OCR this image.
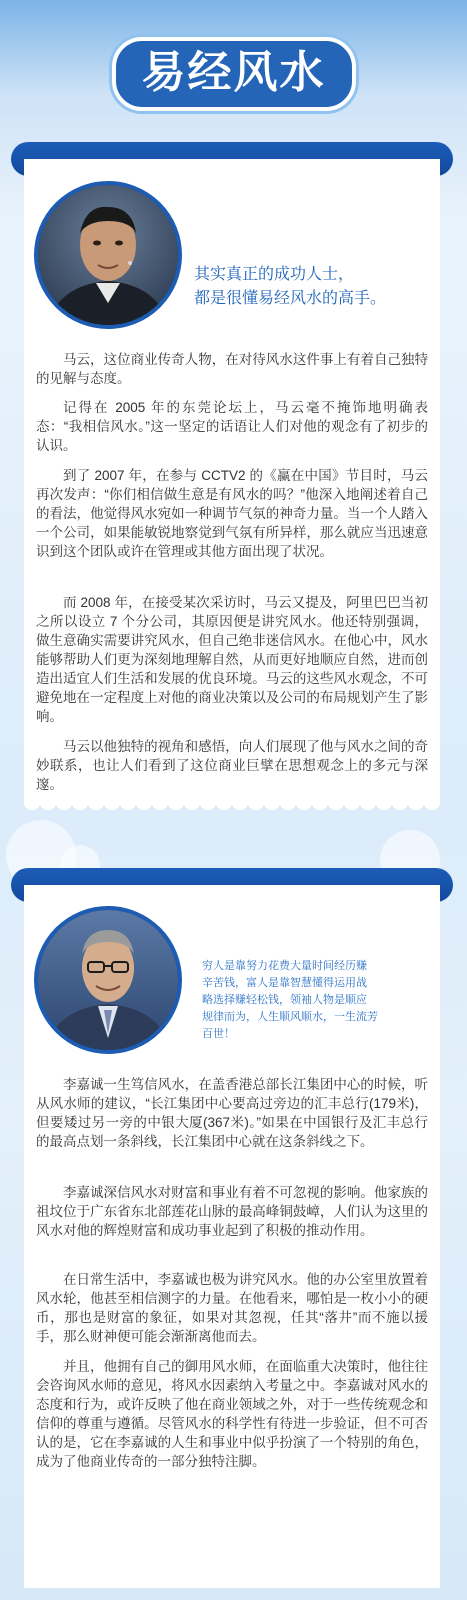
易经风水
其实真正的成功人士，
都是很懂易经风水的高手。

马云，这位商业传奇人物，在对待风水这件事上有着自己独特的见解与态度。

记得在 2005 年的东莞论坛上，马云毫不掩饰地明确表态：“我相信风水。”这一坚定的话语让人们对他的观念有了初步的认识。

到了 2007 年，在参与 CCTV2 的《赢在中国》节目时，马云再次发声：“你们相信做生意是有风水的吗？”他深入地阐述着自己的看法，他觉得风水宛如一种调节气氛的神奇力量。当一个人踏入一个公司，如果能敏锐地察觉到气氛有所异样，那么就应当迅速意识到这个团队或许在管理或其他方面出现了状况。

而 2008 年，在接受某次采访时，马云又提及，阿里巴巴当初之所以设立 7 个分公司，其原因便是讲究风水。他还特别强调，做生意确实需要讲究风水，但自己绝非迷信风水。在他心中，风水能够帮助人们更为深刻地理解自然，从而更好地顺应自然，进而创造出适宜人们生活和发展的优良环境。马云的这些风水观念，不可避免地在一定程度上对他的商业决策以及公司的布局规划产生了影响。

马云以他独特的视角和感悟，向人们展现了他与风水之间的奇妙联系，也让人们看到了这位商业巨擘在思想观念上的多元与深邃。

穷人是靠努力花费大量时间经历赚
辛苦钱，富人是靠智慧懂得运用战
略选择赚轻松钱，领袖人物是顺应
规律而为，人生顺风顺水，一生流芳
百世！

李嘉诚一生笃信风水，在盖香港总部长江集团中心的时候，听从风水师的建议，“长江集团中心要高过旁边的汇丰总行(179米)，但要矮过另一旁的中银大厦(367米)。”如果在中国银行及汇丰总行的最高点划一条斜线，长江集团中心就在这条斜线之下。

李嘉诚深信风水对财富和事业有着不可忽视的影响。他家族的祖坟位于广东省东北部莲花山脉的最高峰铜鼓嶂，人们认为这里的风水对他的辉煌财富和成功事业起到了积极的推动作用。

在日常生活中，李嘉诚也极为讲究风水。他的办公室里放置着风水轮，他甚至相信测字的力量。在他看来，哪怕是一枚小小的硬币，那也是财富的象征，如果对其忽视，任其“落井”而不施以援手，那么财神便可能会渐渐离他而去。

并且，他拥有自己的御用风水师，在面临重大决策时，他往往会咨询风水师的意见，将风水因素纳入考量之中。李嘉诚对风水的态度和行为，或许反映了他在商业领域之外，对于一些传统观念和信仰的尊重与遵循。尽管风水的科学性有待进一步验证，但不可否认的是，它在李嘉诚的人生和事业中似乎扮演了一个特别的角色，成为了他商业传奇的一部分独特注脚。
